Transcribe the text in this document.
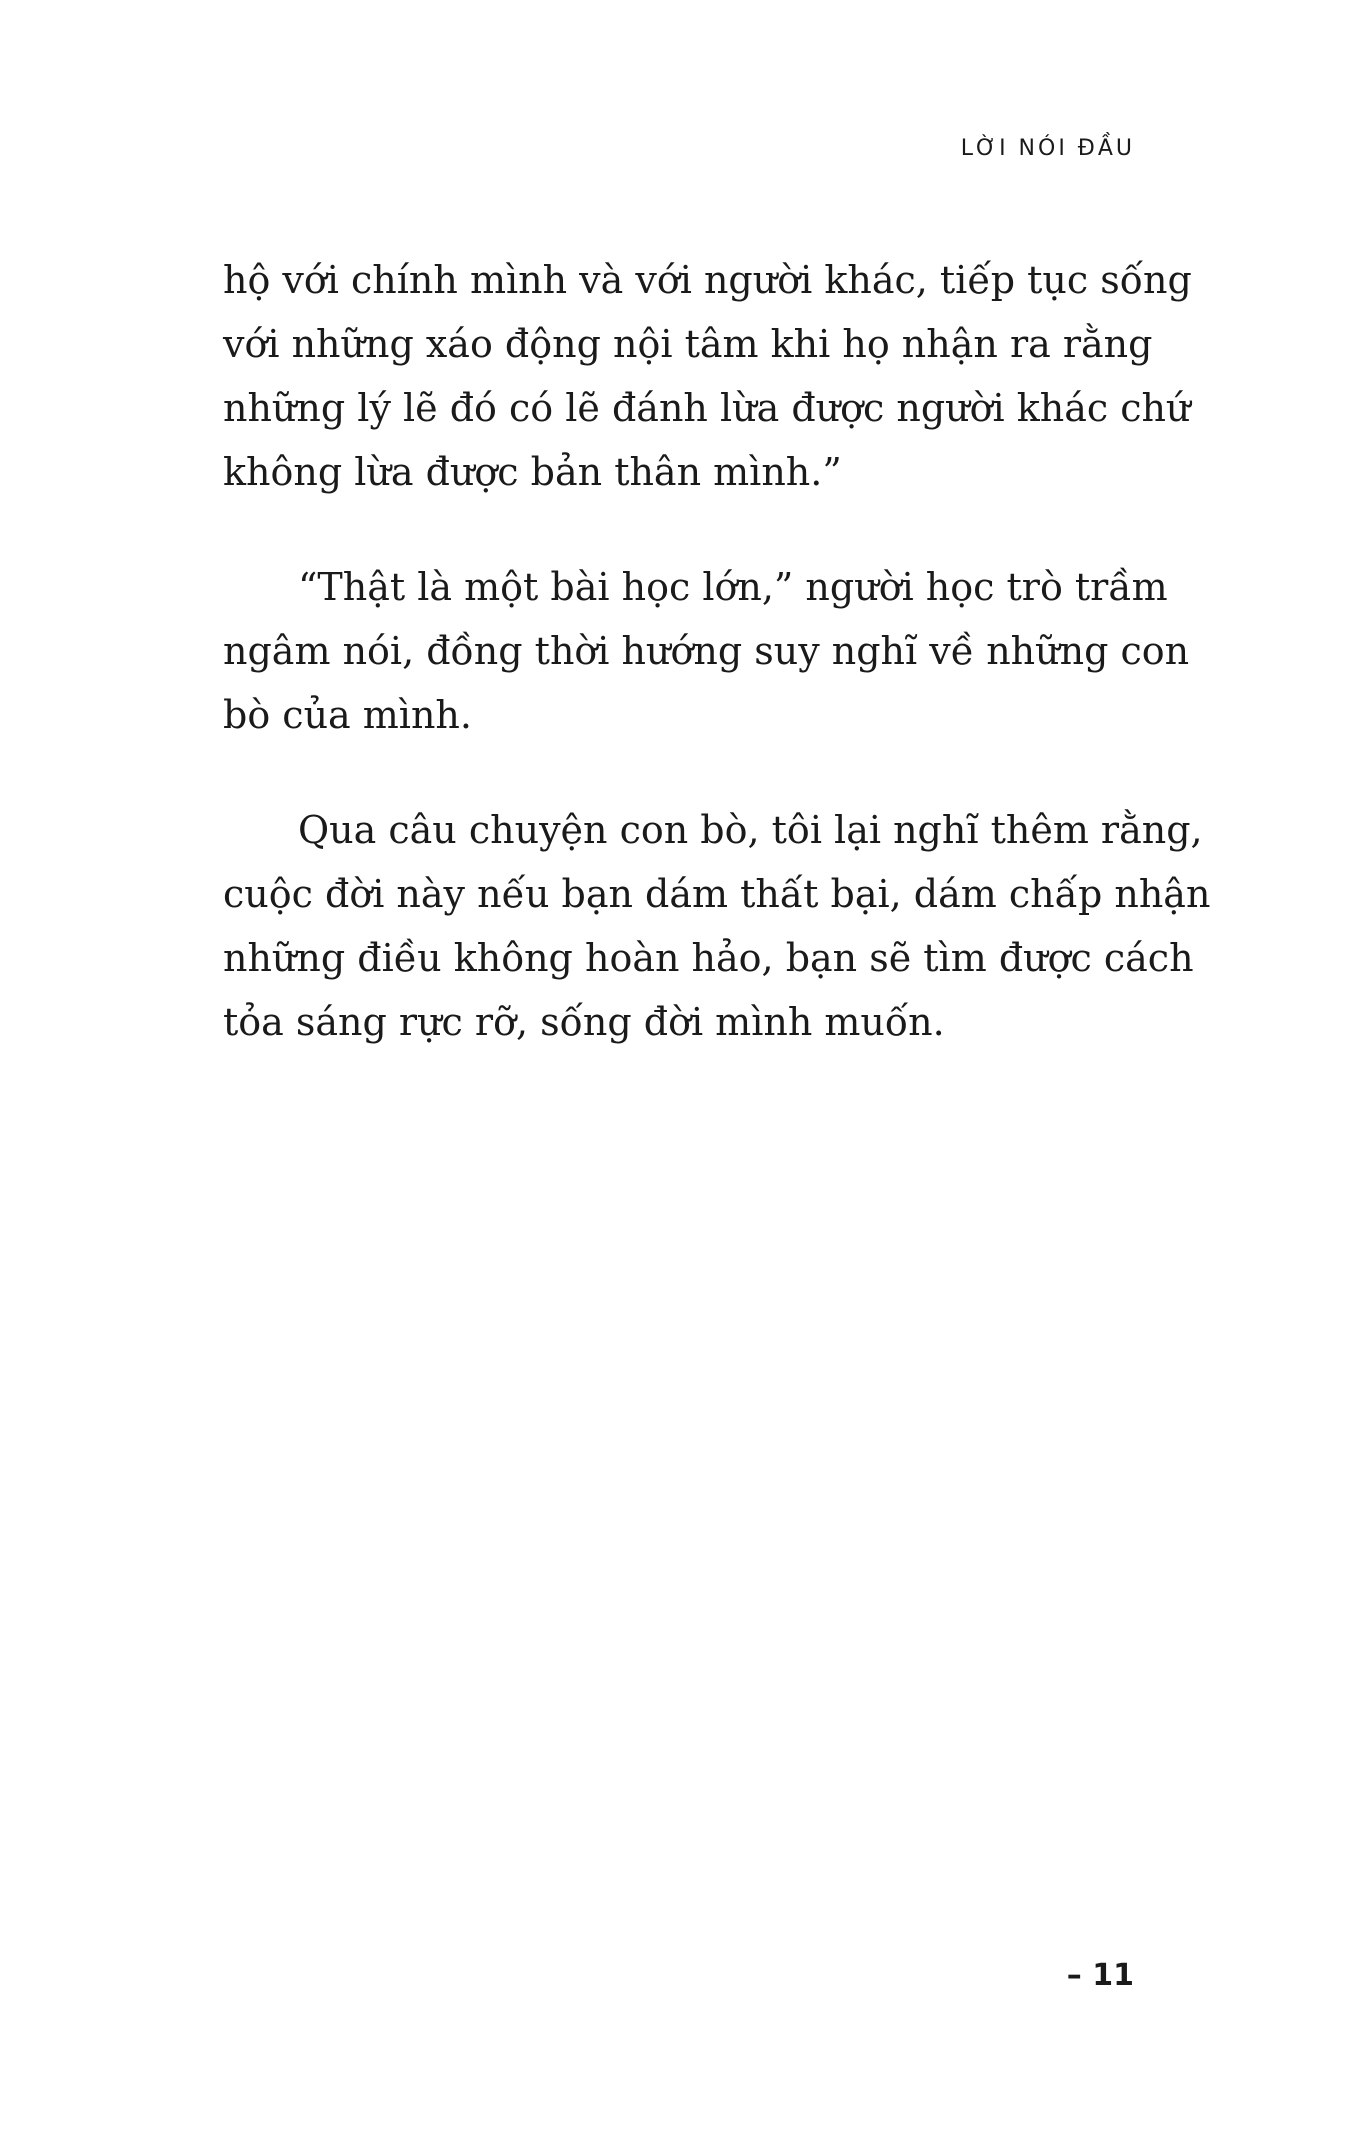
LỜI NÓI ĐẦU

hộ với chính mình và với người khác, tiếp tục sống
với những xáo động nội tâm khi họ nhận ra rằng
những lý lẽ đó có lẽ đánh lừa được người khác chứ
không lừa được bản thân mình.”

“Thật là một bài học lớn,” người học trò trầm
ngâm nói, đồng thời hướng suy nghĩ về những con
bò của mình.

Qua câu chuyện con bò, tôi lại nghĩ thêm rằng,
cuộc đời này nếu bạn dám thất bại, dám chấp nhận
những điều không hoàn hảo, bạn sẽ tìm được cách
tỏa sáng rực rỡ, sống đời mình muốn.

– 11
